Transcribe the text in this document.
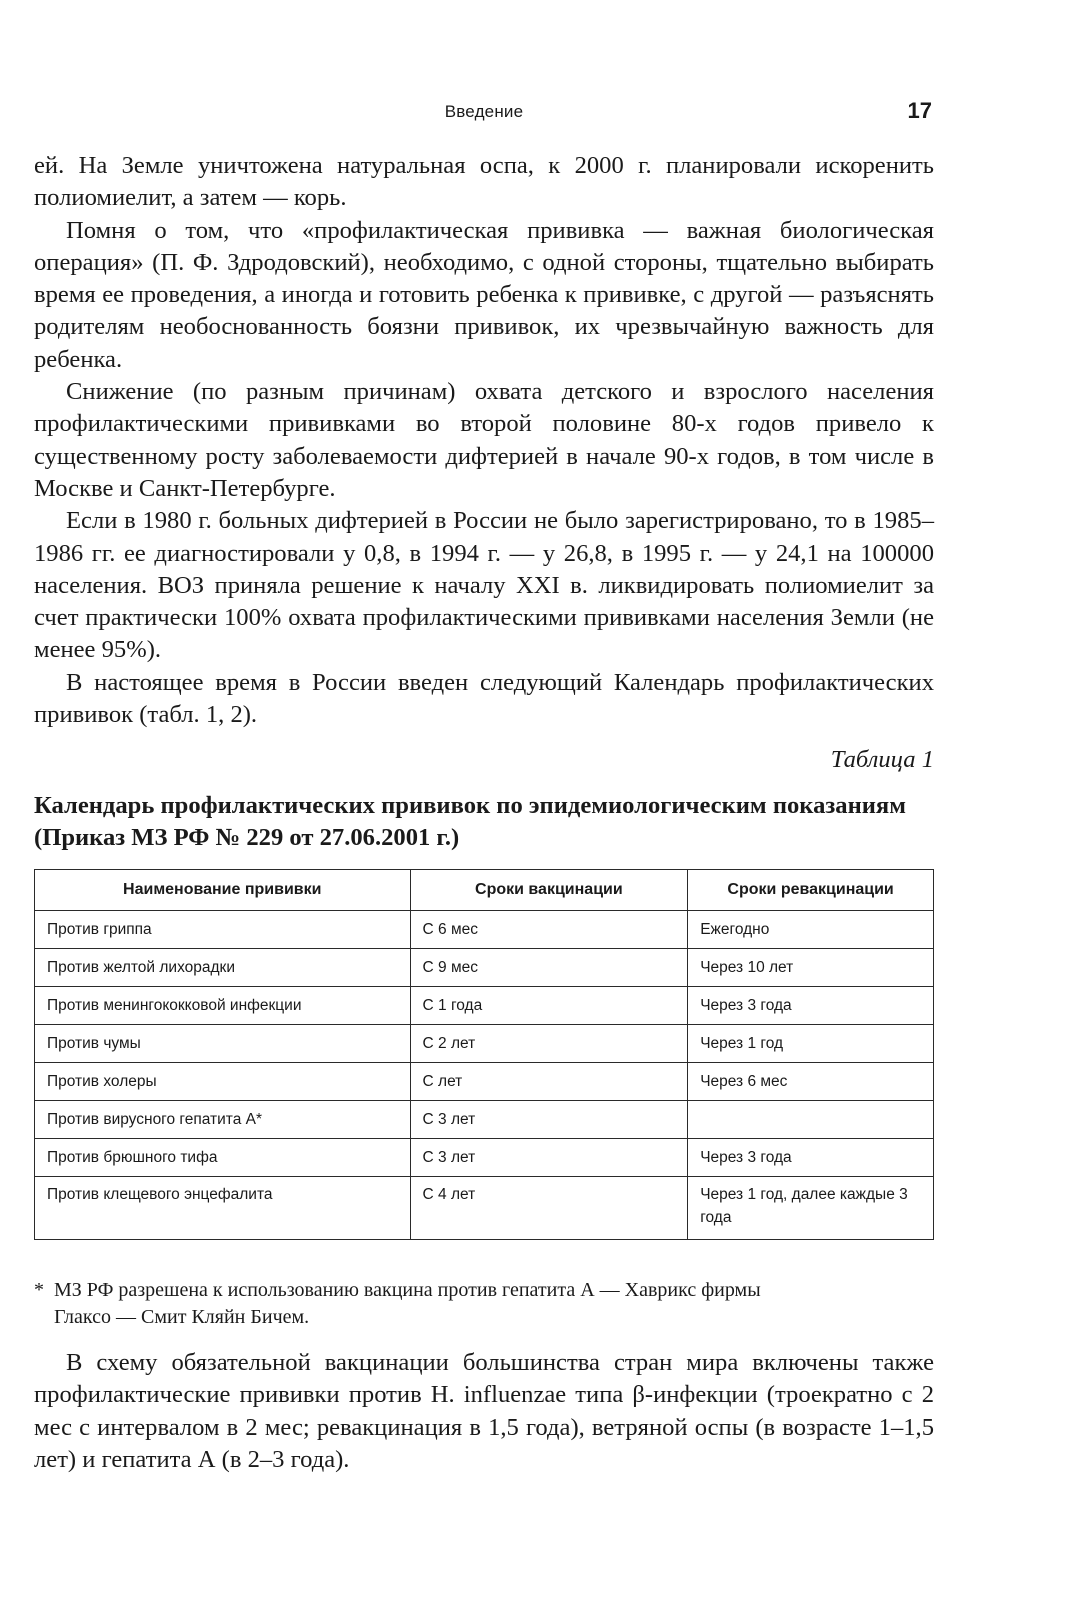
Введение	17

ей. На Земле уничтожена натуральная оспа, к 2000 г. планировали искоренить полиомиелит, а затем — корь.

Помня о том, что «профилактическая прививка — важная биологическая операция» (П. Ф. Здродовский), необходимо, с одной стороны, тщательно выбирать время ее проведения, а иногда и готовить ребенка к прививке, с другой — разъяснять родителям необоснованность боязни прививок, их чрезвычайную важность для ребенка.

Снижение (по разным причинам) охвата детского и взрослого населения профилактическими прививками во второй половине 80-х годов привело к существенному росту заболеваемости дифтерией в начале 90-х годов, в том числе в Москве и Санкт-Петербурге.

Если в 1980 г. больных дифтерией в России не было зарегистрировано, то в 1985–1986 гг. ее диагностировали у 0,8, в 1994 г. — у 26,8, в 1995 г. — у 24,1 на 100000 населения. ВОЗ приняла решение к началу XXI в. ликвидировать полиомиелит за счет практически 100% охвата профилактическими прививками населения Земли (не менее 95%).

В настоящее время в России введен следующий Календарь профилактических прививок (табл. 1, 2).

Таблица 1
Календарь профилактических прививок по эпидемиологическим показаниям (Приказ МЗ РФ № 229 от 27.06.2001 г.)
Наименование прививки	Сроки вакцинации	Сроки ревакцинации
Против гриппа	С 6 мес	Ежегодно
Против желтой лихорадки	С 9 мес	Через 10 лет
Против менингококковой инфекции	С 1 года	Через 3 года
Против чумы	С 2 лет	Через 1 год
Против холеры	С лет	Через 6 мес
Против вирусного гепатита А*	С 3 лет	
Против брюшного тифа	С 3 лет	Через 3 года
Против клещевого энцефалита	С 4 лет	Через 1 год, далее каждые 3 года
* МЗ РФ разрешена к использованию вакцина против гепатита А — Хаврикс фирмы
Глаксо — Смит Кляйн Бичем.

В схему обязательной вакцинации большинства стран мира включены также профилактические прививки против H. influenzae типа β-инфекции (троекратно с 2 мес с интервалом в 2 мес; ревакцинация в 1,5 года), ветряной оспы (в возрасте 1–1,5 лет) и гепатита А (в 2–3 года).
